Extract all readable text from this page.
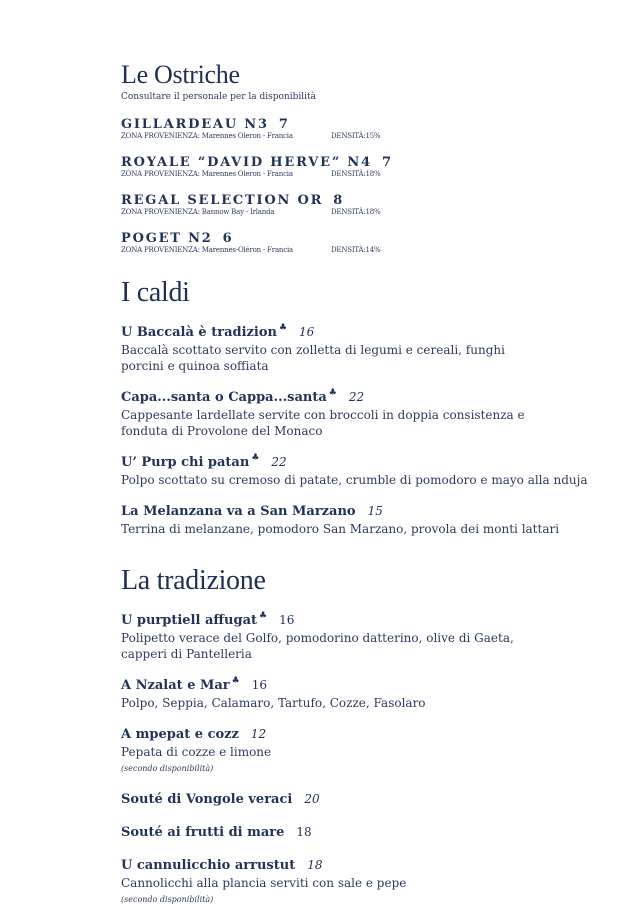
Le Ostriche
Consultare il personale per la disponibilità
GILLARDEAU N3 7
ZONA PROVENIENZA: Marennes Oleron - Francia	DENSITÀ:15%
ROYALE “DAVID HERVE” N4 7
ZONA PROVENIENZA: Marennes Oleron - Francia	DENSITÀ:18%
REGAL SELECTION OR 8
ZONA PROVENIENZA: Bannow Bay - Irlanda	DENSITÀ:18%
POGET N2 6
ZONA PROVENIENZA: Marennes-Oléron - Francia	DENSITÀ:14%
I caldi
U Baccalà è tradizion ♣ 16
Baccalà scottato servito con zolletta di legumi e cereali, funghi porcini e quinoa soffiata
Capa...santa o Cappa...santa ♣ 22
Cappesante lardellate servite con broccoli in doppia consistenza e fonduta di Provolone del Monaco
U’ Purp chi patan ♣ 22
Polpo scottato su cremoso di patate, crumble di pomodoro e mayo alla nduja
La Melanzana va a San Marzano 15
Terrina di melanzane, pomodoro San Marzano, provola dei monti lattari
La tradizione
U purptiell affugat ♣ 16
Polipetto verace del Golfo, pomodorino datterino, olive di Gaeta, capperi di Pantelleria
A Nzalat e Mar ♣ 16
Polpo, Seppia, Calamaro, Tartufo, Cozze, Fasolaro
A mpepat e cozz 12
Pepata di cozze e limone
(secondo disponibilità)
Souté di Vongole veraci 20
Souté ai frutti di mare 18
U cannulicchio arrustut 18
Cannolicchi alla plancia serviti con sale e pepe
(secondo disponibilità)
